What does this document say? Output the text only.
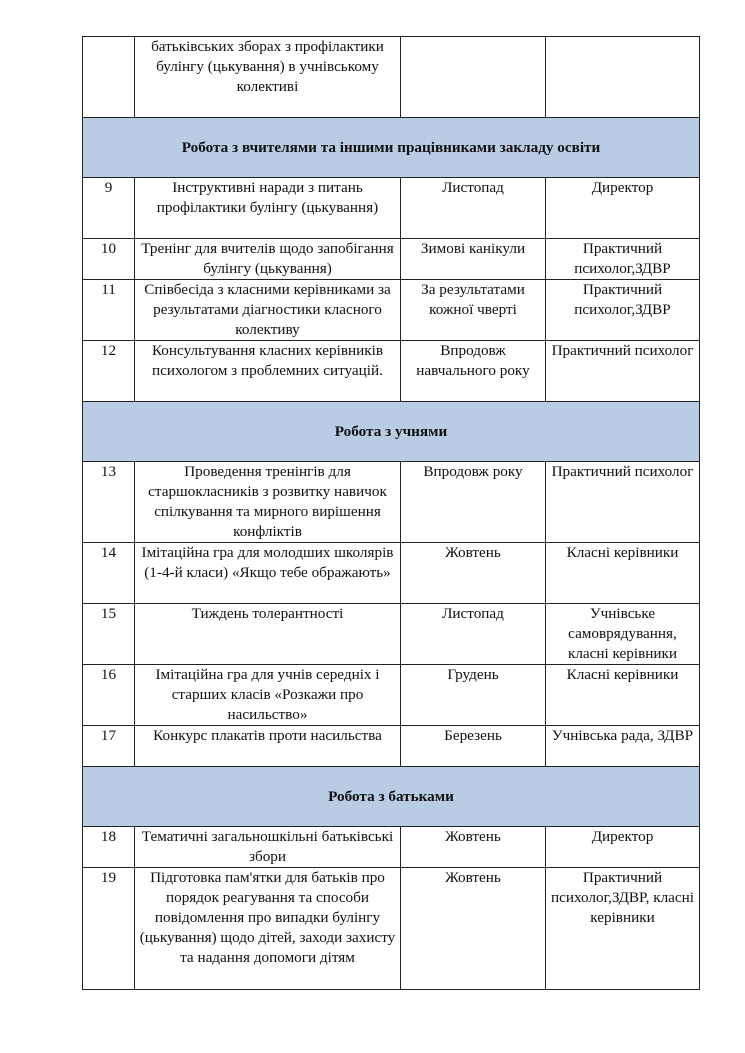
	батьківських зборах з профілактики булінгу (цькування) в учнівському колективі		
Робота з вчителями та іншими працівниками закладу освіти			
9	Інструктивні наради з питань профілактики булінгу (цькування)	Листопад	Директор
10	Тренінг для вчителів щодо запобігання булінгу (цькування)	Зимові канікули	Практичний психолог,ЗДВР
11	Співбесіда з класними керівниками за результатами діагностики класного колективу	За результатами кожної чверті	Практичний психолог,ЗДВР
12	Консультування класних керівників психологом з проблемних ситуацій.	Впродовж навчального року	Практичний психолог
Робота з учнями			
13	Проведення тренінгів для старшокласників з розвитку навичок спілкування та мирного вирішення конфліктів	Впродовж року	Практичний психолог
14	Імітаційна гра для молодших школярів (1-4-й класи) «Якщо тебе ображають»	Жовтень	Класні керівники
15	Тиждень толерантності	Листопад	Учнівське самоврядування, класні керівники
16	Імітаційна гра для учнів середніх і старших класів «Розкажи про насильство»	Грудень	Класні керівники
17	Конкурс плакатів проти насильства	Березень	Учнівська рада, ЗДВР
Робота з батьками			
18	Тематичні загальношкільні батьківські збори	Жовтень	Директор
19	Підготовка пам'ятки для батьків про порядок реагування та способи повідомлення про випадки булінгу (цькування) щодо дітей, заходи захисту та надання допомоги дітям	Жовтень	Практичний психолог,ЗДВР, класні керівники
